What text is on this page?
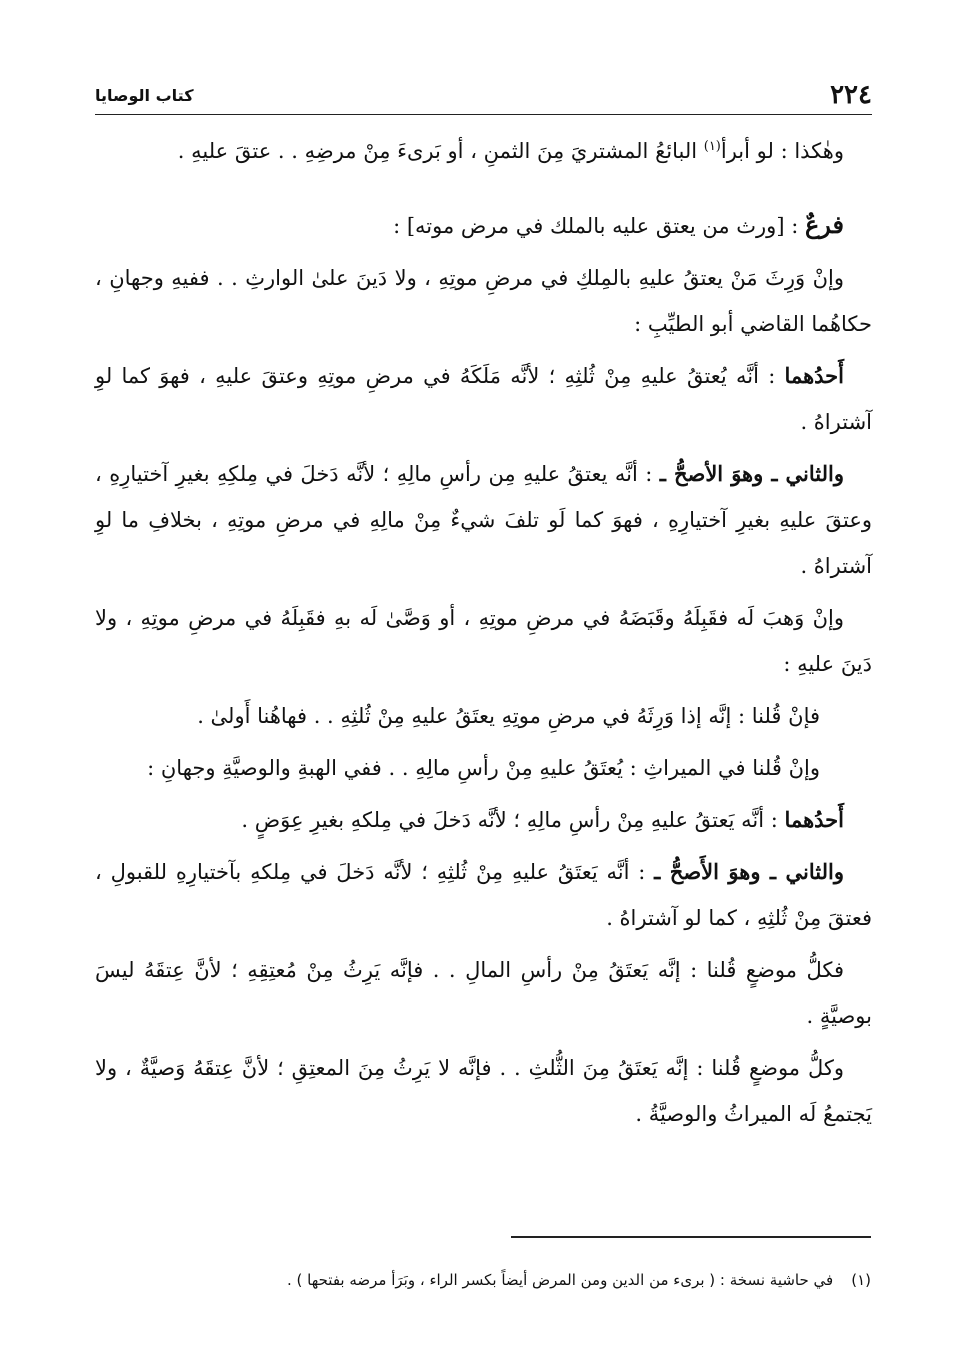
٢٢٤
كتاب الوصايا

وهٰكذا : لو أبرأ$^{(١)}$ البائعُ المشتريَ مِنَ الثمنِ ، أو بَرىءَ مِنْ مرضِهِ . . عتقَ عليهِ .

فرعٌ : [ورث من يعتق عليه بالملك في مرض موته] :

وإنْ وَرِثَ مَنْ يعتقُ عليهِ بالمِلكِ في مرضِ موتِهِ ، ولا دَينَ علىٰ الوارثِ . . ففيهِ وجهانِ ، حكاهُما القاضي أبو الطيِّبِ :

أَحدُهما : أنَّه يُعتقُ عليهِ مِنْ ثُلثِهِ ؛ لأنَّه مَلَكَهُ في مرضِ موتِهِ وعتقَ عليهِ ، فهوَ كما لوِ آشتراهُ .

والثاني ـ وهوَ الأصحُّ ـ : أنَّه يعتقُ عليهِ مِن رأسِ مالِهِ ؛ لأنَّه دَخلَ في مِلكِهِ بغيرِ آختيارِهِ ، وعتقَ عليهِ بغيرِ آختيارِهِ ، فهوَ كما لَو تلفَ شيءٌ مِنْ مالِهِ في مرضِ موتِهِ ، بخلافِ ما لوِ آشتراهُ .

وإنْ وَهبَ لَه فقَبِلَهُ وقَبَضَهُ في مرضِ موتِهِ ، أو وَصَّىٰ لَه بهِ فقَبِلَهُ في مرضِ موتِهِ ، ولا دَينَ عليهِ :

فإنْ قُلنا : إنَّه إذا وَرِثَهُ في مرضِ موتِهِ يعتَقُ عليهِ مِنْ ثُلثِهِ . . فهاهُنا أَولىٰ .

وإنْ قُلنا في الميراثِ : يُعتَقُ عليهِ مِنْ رأسِ مالِهِ . . ففي الهبةِ والوصيَّةِ وجهانِ :

أَحدُهما : أنَّه يَعتقُ عليهِ مِنْ رأسِ مالِهِ ؛ لأنَّه دَخلَ في مِلكهِ بغيرِ عِوَضٍ .

والثاني ـ وهوَ الأَصحُّ ـ : أنَّه يَعتَقُ عليهِ مِنْ ثُلثِهِ ؛ لأنَّه دَخلَ في مِلكهِ بآختيارِهِ للقبولِ ، فعتقَ مِنْ ثُلثِهِ ، كما لو آشتراهُ .

فكلُّ موضعٍ قُلنا : إنَّه يَعتَقُ مِنْ رأسِ المالِ . . فإنَّه يَرِثُ مِنْ مُعتِقِهِ ؛ لأنَّ عِتقَهُ ليسَ بوصيَّةٍ .

وكلُّ موضعٍ قُلنا : إنَّه يَعتَقُ مِنَ الثُّلثِ . . فإنَّه لا يَرِثُ مِنَ المعتِقِ ؛ لأنَّ عِتقَهُ وَصيَّةٌ ، ولا يَجتمعُ لَه الميراثُ والوصيَّةُ .

(١)في حاشية نسخة : ( برىء من الدين ومن المرض أيضاً بكسر الراء ، وبَرَأ مرضه بفتحها ) .
